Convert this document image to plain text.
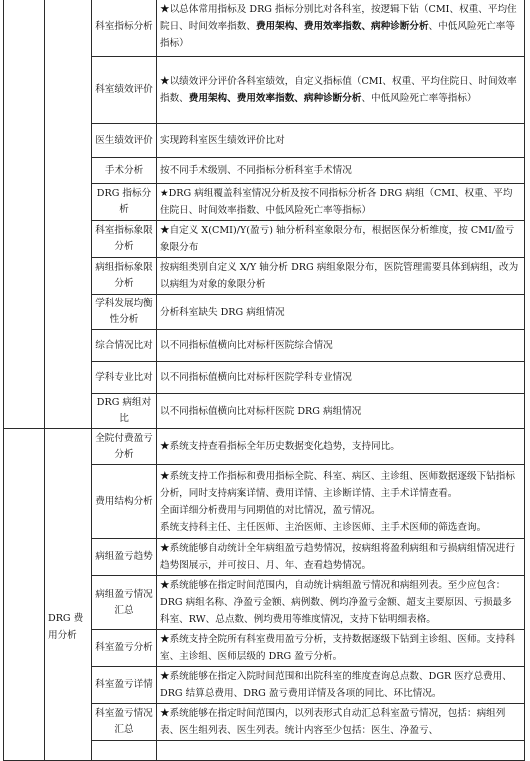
		科室指标分析	★以总体常用指标及 DRG 指标分别比对各科室，按逻辑下钻（CMI、权重、平均住院日、时间效率指数、费用架构、费用效率指数、病种诊断分析、中低风险死亡率等指标）
		科室绩效评价	★以绩效评分评价各科室绩效，自定义指标值（CMI、权重、平均住院日、时间效率指数、费用架构、费用效率指数、病种诊断分析、中低风险死亡率等指标）
		医生绩效评价	实现跨科室医生绩效评价比对
		手术分析	按不同手术级别、不同指标分析科室手术情况
		DRG 指标分析	★DRG 病组覆盖科室情况分析及按不同指标分析各 DRG 病组（CMI、权重、平均住院日、时间效率指数、中低风险死亡率等指标）
		科室指标象限分析	★自定义 X(CMI)/Y(盈亏) 轴分析科室象限分布，根据医保分析维度，按 CMI/盈亏象限分布
		病组指标象限分析	按病组类别自定义 X/Y 轴分析 DRG 病组象限分布，医院管理需要具体到病组，改为以病组为对象的象限分析
		学科发展均衡性分析	分析科室缺失 DRG 病组情况
		综合情况比对	以不同指标值横向比对标杆医院综合情况
		学科专业比对	以不同指标值横向比对标杆医院学科专业情况
		DRG 病组对比	以不同指标值横向比对标杆医院 DRG 病组情况

	DRG 费用分析	全院付费盈亏分析	★系统支持查看指标全年历史数据变化趋势，支持同比。

		费用结构分析	★系统支持工作指标和费用指标全院、科室、病区、主诊组、医师数据逐级下钻指标分析，同时支持病案详情、费用详情、主诊断详情、主手术详情查看。

全面详细分析费用与同期值的对比情况，盈亏情况。

系统支持科主任、主任医师、主治医师、主诊医师、主手术医师的筛选查询。

		病组盈亏趋势	★系统能够自动统计全年病组盈亏趋势情况，按病组将盈利病组和亏损病组情况进行趋势图展示，并可按日、月、年、查看趋势情况。

		病组盈亏情况汇总	★系统能够在指定时间范围内，自动统计病组盈亏情况和病组列表。至少应包含：DRG 病组名称、净盈亏金额、病例数、例均净盈亏金额、超支主要原因、亏损最多科室、RW、总点数、例均费用等维度情况，支持下钻明细表格。

		科室盈亏分析	★系统支持全院所有科室费用盈亏分析，支持数据逐级下钻到主诊组、医师。支持科室、主诊组、医师层级的 DRG 盈亏分析。

		科室盈亏详情	★系统能够在指定入院时间范围和出院科室的维度查询总点数、DGR 医疗总费用、DRG 结算总费用、DRG 盈亏费用详情及各项的同比、环比情况。

		科室盈亏情况汇总	★系统能够在指定时间范围内，以列表形式自动汇总科室盈亏情况，包括：病组列表、医生组列表、医生列表。统计内容至少包括：医生、净盈亏、
